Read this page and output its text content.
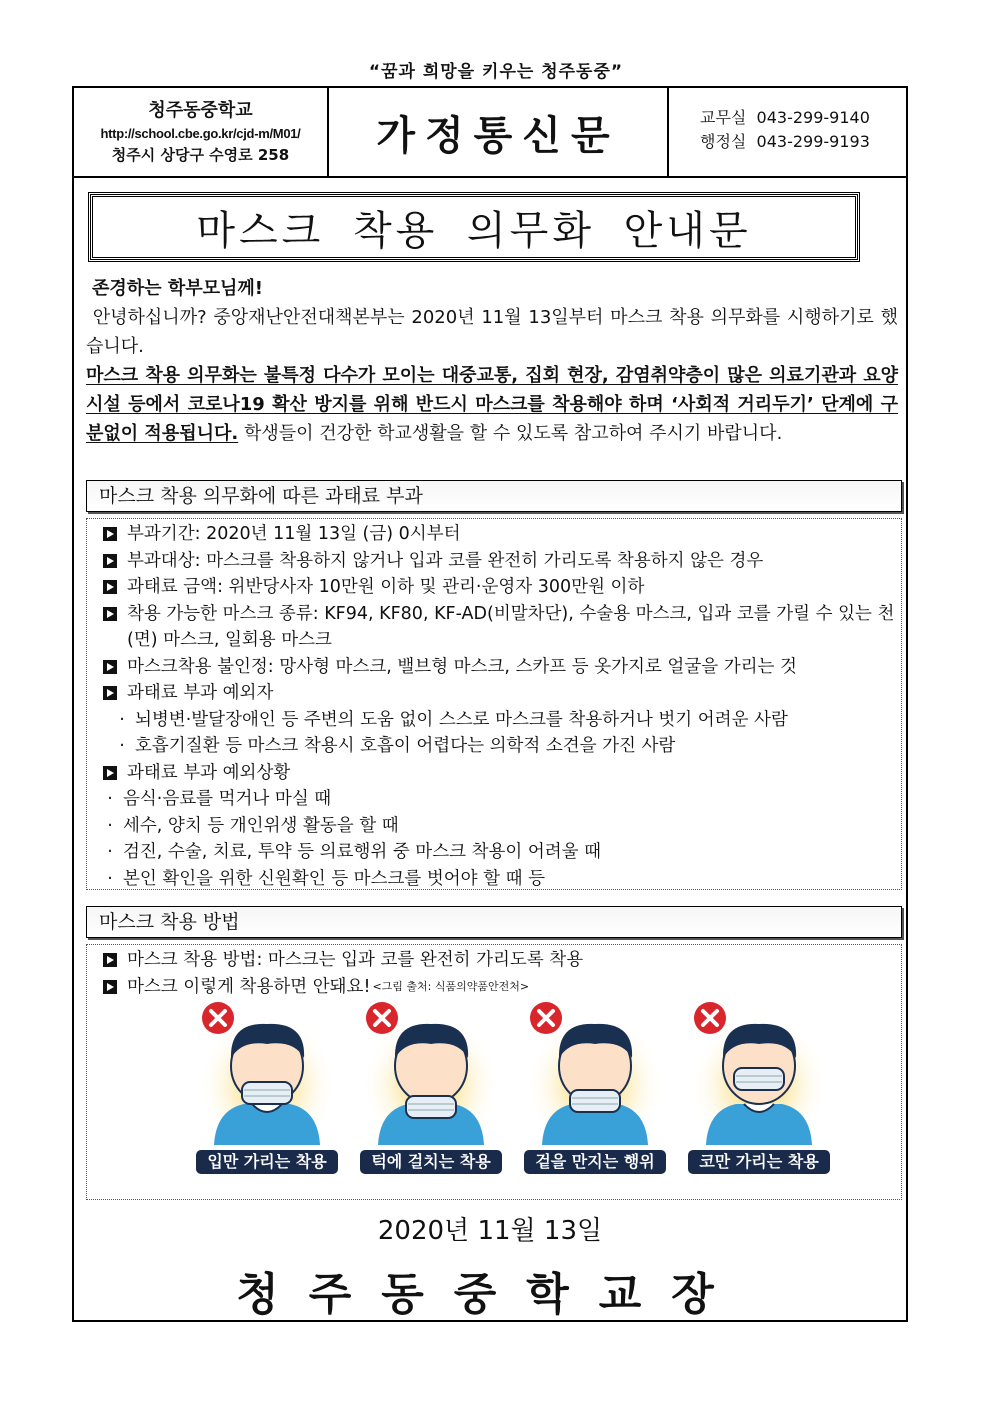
“꿈과 희망을 키우는 청주동중”
청주동중학교
http://school.cbe.go.kr/cjd-m/M01/
청주시 상당구 수영로 258	가정통신문	교무실 043-299-9140
행정실 043-299-9193
마스크 착용 의무화 안내문
존경하는 학부모님께!
안녕하십니까? 중앙재난안전대책본부는 2020년 11월 13일부터 마스크 착용 의무화를 시행하기로 했습니다.
마스크 착용 의무화는 불특정 다수가 모이는 대중교통, 집회 현장, 감염취약층이 많은 의료기관과 요양시설 등에서 코로나19 확산 방지를 위해 반드시 마스크를 착용해야 하며 ‘사회적 거리두기’ 단계에 구분없이 적용됩니다. 학생들이 건강한 학교생활을 할 수 있도록 참고하여 주시기 바랍니다.
마스크 착용 의무화에 따른 과태료 부과
부과기간: 2020년 11월 13일 (금) 0시부터
부과대상: 마스크를 착용하지 않거나 입과 코를 완전히 가리도록 착용하지 않은 경우
과태료 금액: 위반당사자 10만원 이하 및 관리·운영자 300만원 이하
착용 가능한 마스크 종류: KF94, KF80, KF-AD(비말차단), 수술용 마스크, 입과 코를 가릴 수 있는 천(면) 마스크, 일회용 마스크
마스크착용 불인정: 망사형 마스크, 밸브형 마스크, 스카프 등 옷가지로 얼굴을 가리는 것
과태료 부과 예외자
· 뇌병변·발달장애인 등 주변의 도움 없이 스스로 마스크를 착용하거나 벗기 어려운 사람
· 호흡기질환 등 마스크 착용시 호흡이 어렵다는 의학적 소견을 가진 사람
과태료 부과 예외상황
· 음식·음료를 먹거나 마실 때
· 세수, 양치 등 개인위생 활동을 할 때
· 검진, 수술, 치료, 투약 등 의료행위 중 마스크 착용이 어려울 때
· 본인 확인을 위한 신원확인 등 마스크를 벗어야 할 때 등
마스크 착용 방법
마스크 착용 방법: 마스크는 입과 코를 완전히 가리도록 착용
마스크 이렇게 착용하면 안돼요! <그림 출처: 식품의약품안전처>
입만 가리는 착용	턱에 걸치는 착용	겉을 만지는 행위	코만 가리는 착용
2020년 11월 13일
청주동중학교장
